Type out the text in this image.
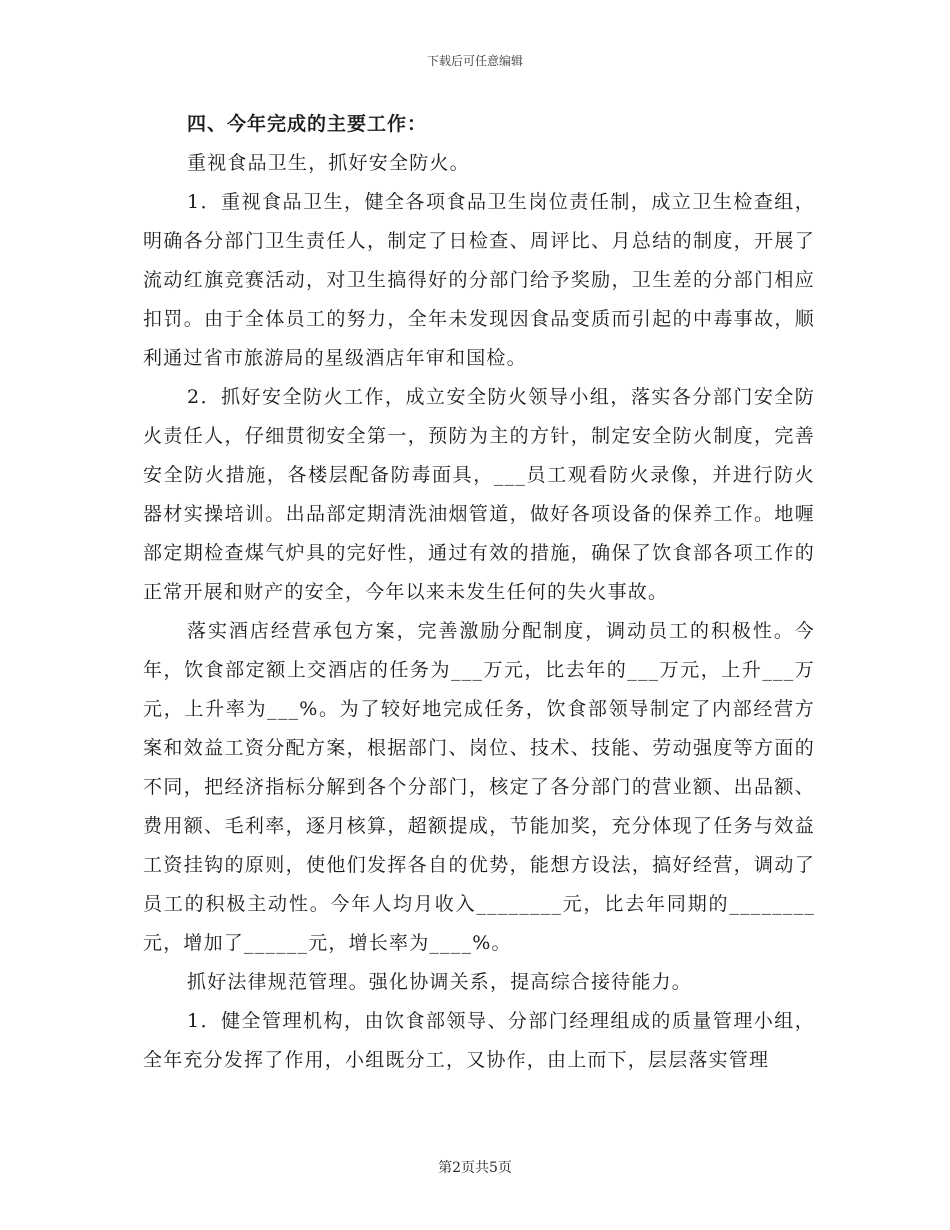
下载后可任意编辑

四、今年完成的主要工作：

重视食品卫生，抓好安全防火。

1．重视食品卫生，健全各项食品卫生岗位责任制，成立卫生检查组，明确各分部门卫生责任人，制定了日检查、周评比、月总结的制度，开展了流动红旗竞赛活动，对卫生搞得好的分部门给予奖励，卫生差的分部门相应扣罚。由于全体员工的努力，全年未发现因食品变质而引起的中毒事故，顺利通过省市旅游局的星级酒店年审和国检。

2．抓好安全防火工作，成立安全防火领导小组，落实各分部门安全防火责任人，仔细贯彻安全第一，预防为主的方针，制定安全防火制度，完善安全防火措施，各楼层配备防毒面具，___员工观看防火录像，并进行防火器材实操培训。出品部定期清洗油烟管道，做好各项设备的保养工作。地喱部定期检查煤气炉具的完好性，通过有效的措施，确保了饮食部各项工作的正常开展和财产的安全，今年以来未发生任何的失火事故。

落实酒店经营承包方案，完善激励分配制度，调动员工的积极性。今年，饮食部定额上交酒店的任务为___万元，比去年的___万元，上升___万元，上升率为___%。为了较好地完成任务，饮食部领导制定了内部经营方案和效益工资分配方案，根据部门、岗位、技术、技能、劳动强度等方面的不同，把经济指标分解到各个分部门，核定了各分部门的营业额、出品额、费用额、毛利率，逐月核算，超额提成，节能加奖，充分体现了任务与效益工资挂钩的原则，使他们发挥各自的优势，能想方设法，搞好经营，调动了员工的积极主动性。今年人均月收入________元，比去年同期的________元，增加了______元，增长率为____%。

抓好法律规范管理。强化协调关系，提高综合接待能力。

1．健全管理机构，由饮食部领导、分部门经理组成的质量管理小组，全年充分发挥了作用，小组既分工，又协作，由上而下，层层落实管理

第2页共5页
